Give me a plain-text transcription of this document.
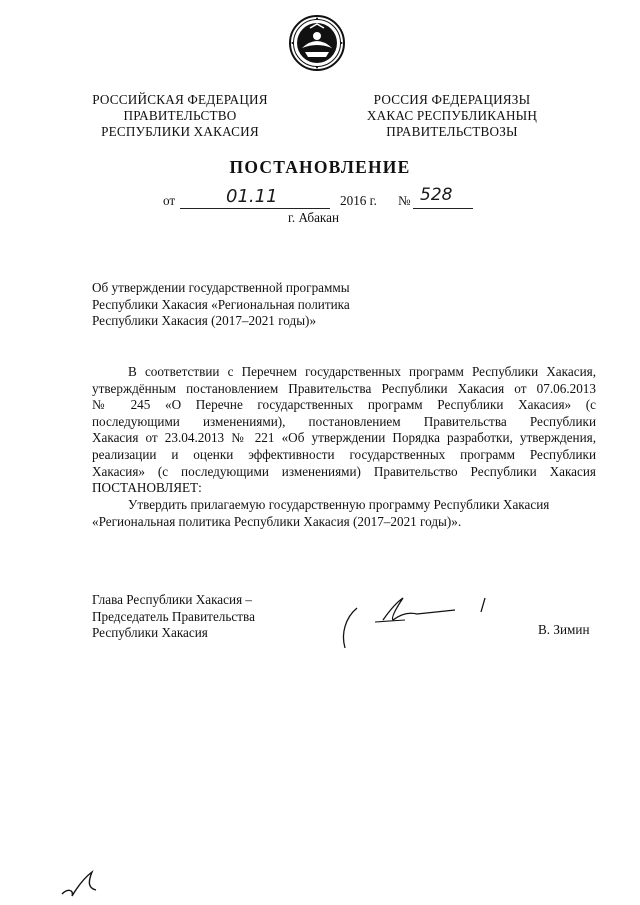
РОССИЙСКАЯ ФЕДЕРАЦИЯ
ПРАВИТЕЛЬСТВО
РЕСПУБЛИКИ ХАКАСИЯ
РОССИЯ ФЕДЕРАЦИЯЗЫ
ХАКАС РЕСПУБЛИКАНЫҢ
ПРАВИТЕЛЬСТВОЗЫ
ПОСТАНОВЛЕНИЕ
от	01.11	2016 г. № 528
г. Абакан
Об утверждении государственной программы
Республики Хакасия «Региональная политика
Республики Хакасия (2017–2021 годы)»
В соответствии с Перечнем государственных программ Республики Хакасия,
утверждённым постановлением Правительства Республики Хакасия от 07.06.2013
№ 245 «О Перечне государственных программ Республики Хакасия» (с
последующими изменениями), постановлением Правительства Республики
Хакасия от 23.04.2013 № 221 «Об утверждении Порядка разработки, утверждения,
реализации и оценки эффективности государственных программ Республики
Хакасия» (с последующими изменениями) Правительство Республики Хакасия
ПОСТАНОВЛЯЕТ:
Утвердить прилагаемую государственную программу Республики Хакасия
«Региональная политика Республики Хакасия (2017–2021 годы)».
Глава Республики Хакасия –
Председатель Правительства
Республики Хакасия	В. Зимин
